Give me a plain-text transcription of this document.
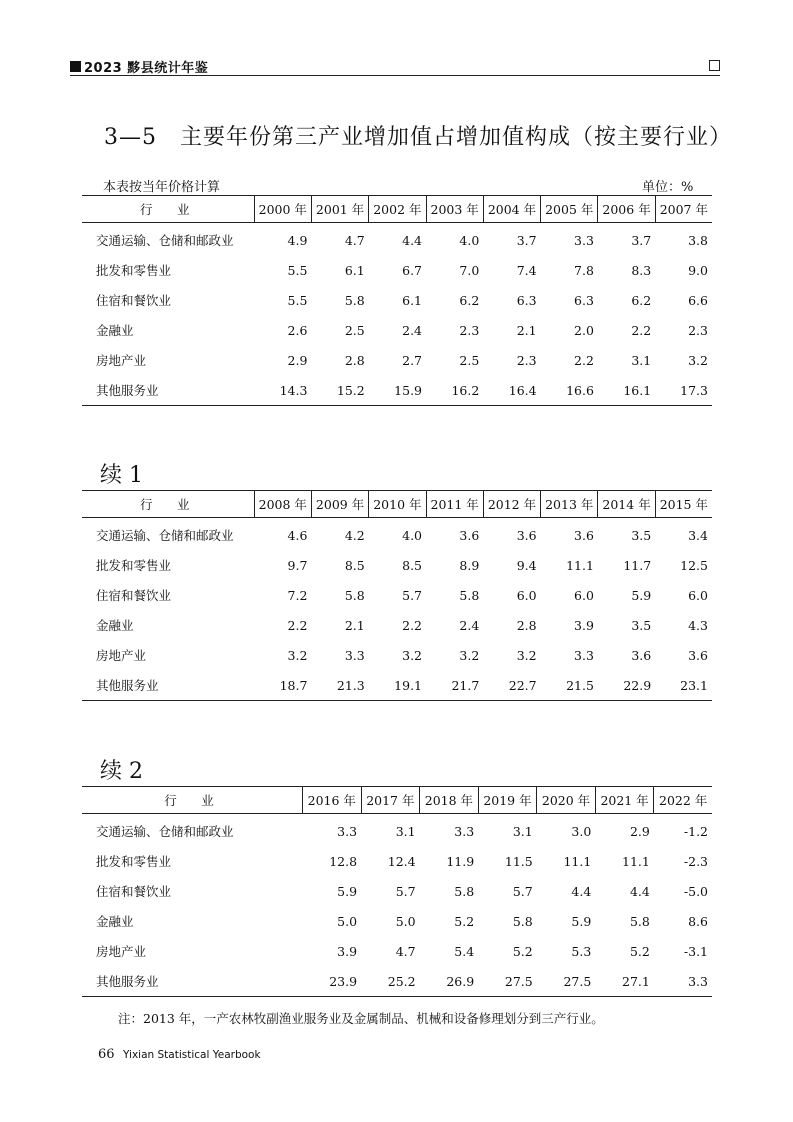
2023 黟县统计年鉴
3—5　主要年份第三产业增加值占增加值构成（按主要行业）
本表按当年价格计算	单位：%
行　业	2000 年	2001 年	2002 年	2003 年	2004 年	2005 年	2006 年	2007 年
交通运输、仓储和邮政业	4.9	4.7	4.4	4.0	3.7	3.3	3.7	3.8
批发和零售业	5.5	6.1	6.7	7.0	7.4	7.8	8.3	9.0
住宿和餐饮业	5.5	5.8	6.1	6.2	6.3	6.3	6.2	6.6
金融业	2.6	2.5	2.4	2.3	2.1	2.0	2.2	2.3
房地产业	2.9	2.8	2.7	2.5	2.3	2.2	3.1	3.2
其他服务业	14.3	15.2	15.9	16.2	16.4	16.6	16.1	17.3
续 1
行　业	2008 年	2009 年	2010 年	2011 年	2012 年	2013 年	2014 年	2015 年
交通运输、仓储和邮政业	4.6	4.2	4.0	3.6	3.6	3.6	3.5	3.4
批发和零售业	9.7	8.5	8.5	8.9	9.4	11.1	11.7	12.5
住宿和餐饮业	7.2	5.8	5.7	5.8	6.0	6.0	5.9	6.0
金融业	2.2	2.1	2.2	2.4	2.8	3.9	3.5	4.3
房地产业	3.2	3.3	3.2	3.2	3.2	3.3	3.6	3.6
其他服务业	18.7	21.3	19.1	21.7	22.7	21.5	22.9	23.1
续 2
行　业	2016 年	2017 年	2018 年	2019 年	2020 年	2021 年	2022 年
交通运输、仓储和邮政业	3.3	3.1	3.3	3.1	3.0	2.9	-1.2
批发和零售业	12.8	12.4	11.9	11.5	11.1	11.1	-2.3
住宿和餐饮业	5.9	5.7	5.8	5.7	4.4	4.4	-5.0
金融业	5.0	5.0	5.2	5.8	5.9	5.8	8.6
房地产业	3.9	4.7	5.4	5.2	5.3	5.2	-3.1
其他服务业	23.9	25.2	26.9	27.5	27.5	27.1	3.3
注：2013 年，一产农林牧副渔业服务业及金属制品、机械和设备修理划分到三产行业。
66 Yixian Statistical Yearbook
